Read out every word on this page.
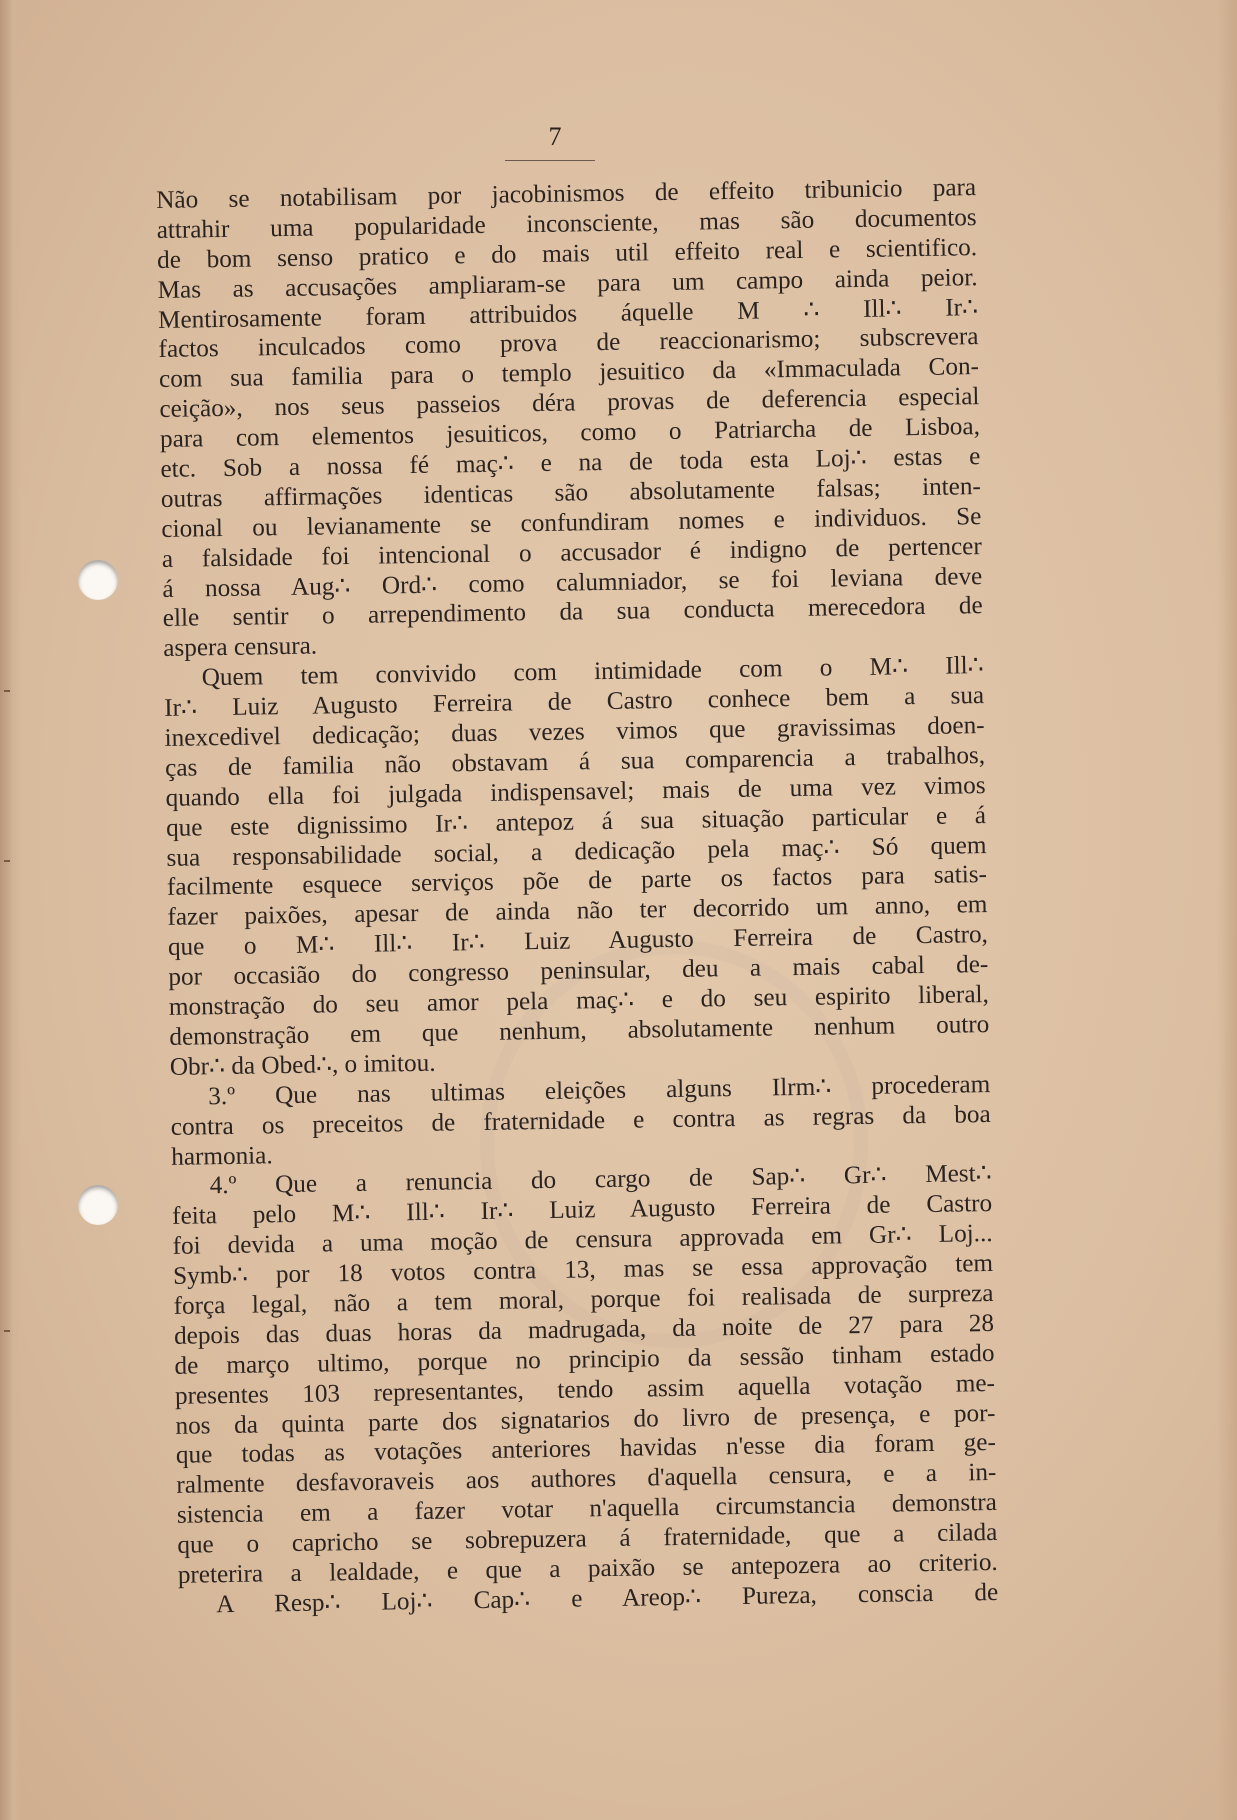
7
Não se notabilisam por jacobinismos de effeito tribunicio para
attrahir uma popularidade inconsciente, mas são documentos
de bom senso pratico e do mais util effeito real e scientifico.
Mas as accusações ampliaram-se para um campo ainda peior.
Mentirosamente foram attribuidos áquelle M ∴ Ill∴ Ir∴
factos inculcados como prova de reaccionarismo; subscrevera
com sua familia para o templo jesuitico da «Immaculada Con-
ceição», nos seus passeios déra provas de deferencia especial
para com elementos jesuiticos, como o Patriarcha de Lisboa,
etc. Sob a nossa fé maç∴ e na de toda esta Loj∴ estas e
outras affirmações identicas são absolutamente falsas; inten-
cional ou levianamente se confundiram nomes e individuos. Se
a falsidade foi intencional o accusador é indigno de pertencer
á nossa Aug∴ Ord∴ como calumniador, se foi leviana deve
elle sentir o arrependimento da sua conducta merecedora de
aspera censura.
Quem tem convivido com intimidade com o M∴ Ill∴
Ir∴ Luiz Augusto Ferreira de Castro conhece bem a sua
inexcedivel dedicação; duas vezes vimos que gravissimas doen-
ças de familia não obstavam á sua comparencia a trabalhos,
quando ella foi julgada indispensavel; mais de uma vez vimos
que este dignissimo Ir∴ antepoz á sua situação particular e á
sua responsabilidade social, a dedicação pela maç∴ Só quem
facilmente esquece serviços põe de parte os factos para satis-
fazer paixões, apesar de ainda não ter decorrido um anno, em
que o M∴ Ill∴ Ir∴ Luiz Augusto Ferreira de Castro,
por occasião do congresso peninsular, deu a mais cabal de-
monstração do seu amor pela maç∴ e do seu espirito liberal,
demonstração em que nenhum, absolutamente nenhum outro
Obr∴ da Obed∴, o imitou.
3.º Que nas ultimas eleições alguns Ilrm∴ procederam
contra os preceitos de fraternidade e contra as regras da boa
harmonia.
4.º Que a renuncia do cargo de Sap∴ Gr∴ Mest∴
feita pelo M∴ Ill∴ Ir∴ Luiz Augusto Ferreira de Castro
foi devida a uma moção de censura approvada em Gr∴ Loj...
Symb∴ por 18 votos contra 13, mas se essa approvação tem
força legal, não a tem moral, porque foi realisada de surpreza
depois das duas horas da madrugada, da noite de 27 para 28
de março ultimo, porque no principio da sessão tinham estado
presentes 103 representantes, tendo assim aquella votação me-
nos da quinta parte dos signatarios do livro de presença, e por-
que todas as votações anteriores havidas n'esse dia foram ge-
ralmente desfavoraveis aos authores d'aquella censura, e a in-
sistencia em a fazer votar n'aquella circumstancia demonstra
que o capricho se sobrepuzera á fraternidade, que a cilada
preterira a lealdade, e que a paixão se antepozera ao criterio.
A Resp∴ Loj∴ Cap∴ e Areop∴ Pureza, conscia de
